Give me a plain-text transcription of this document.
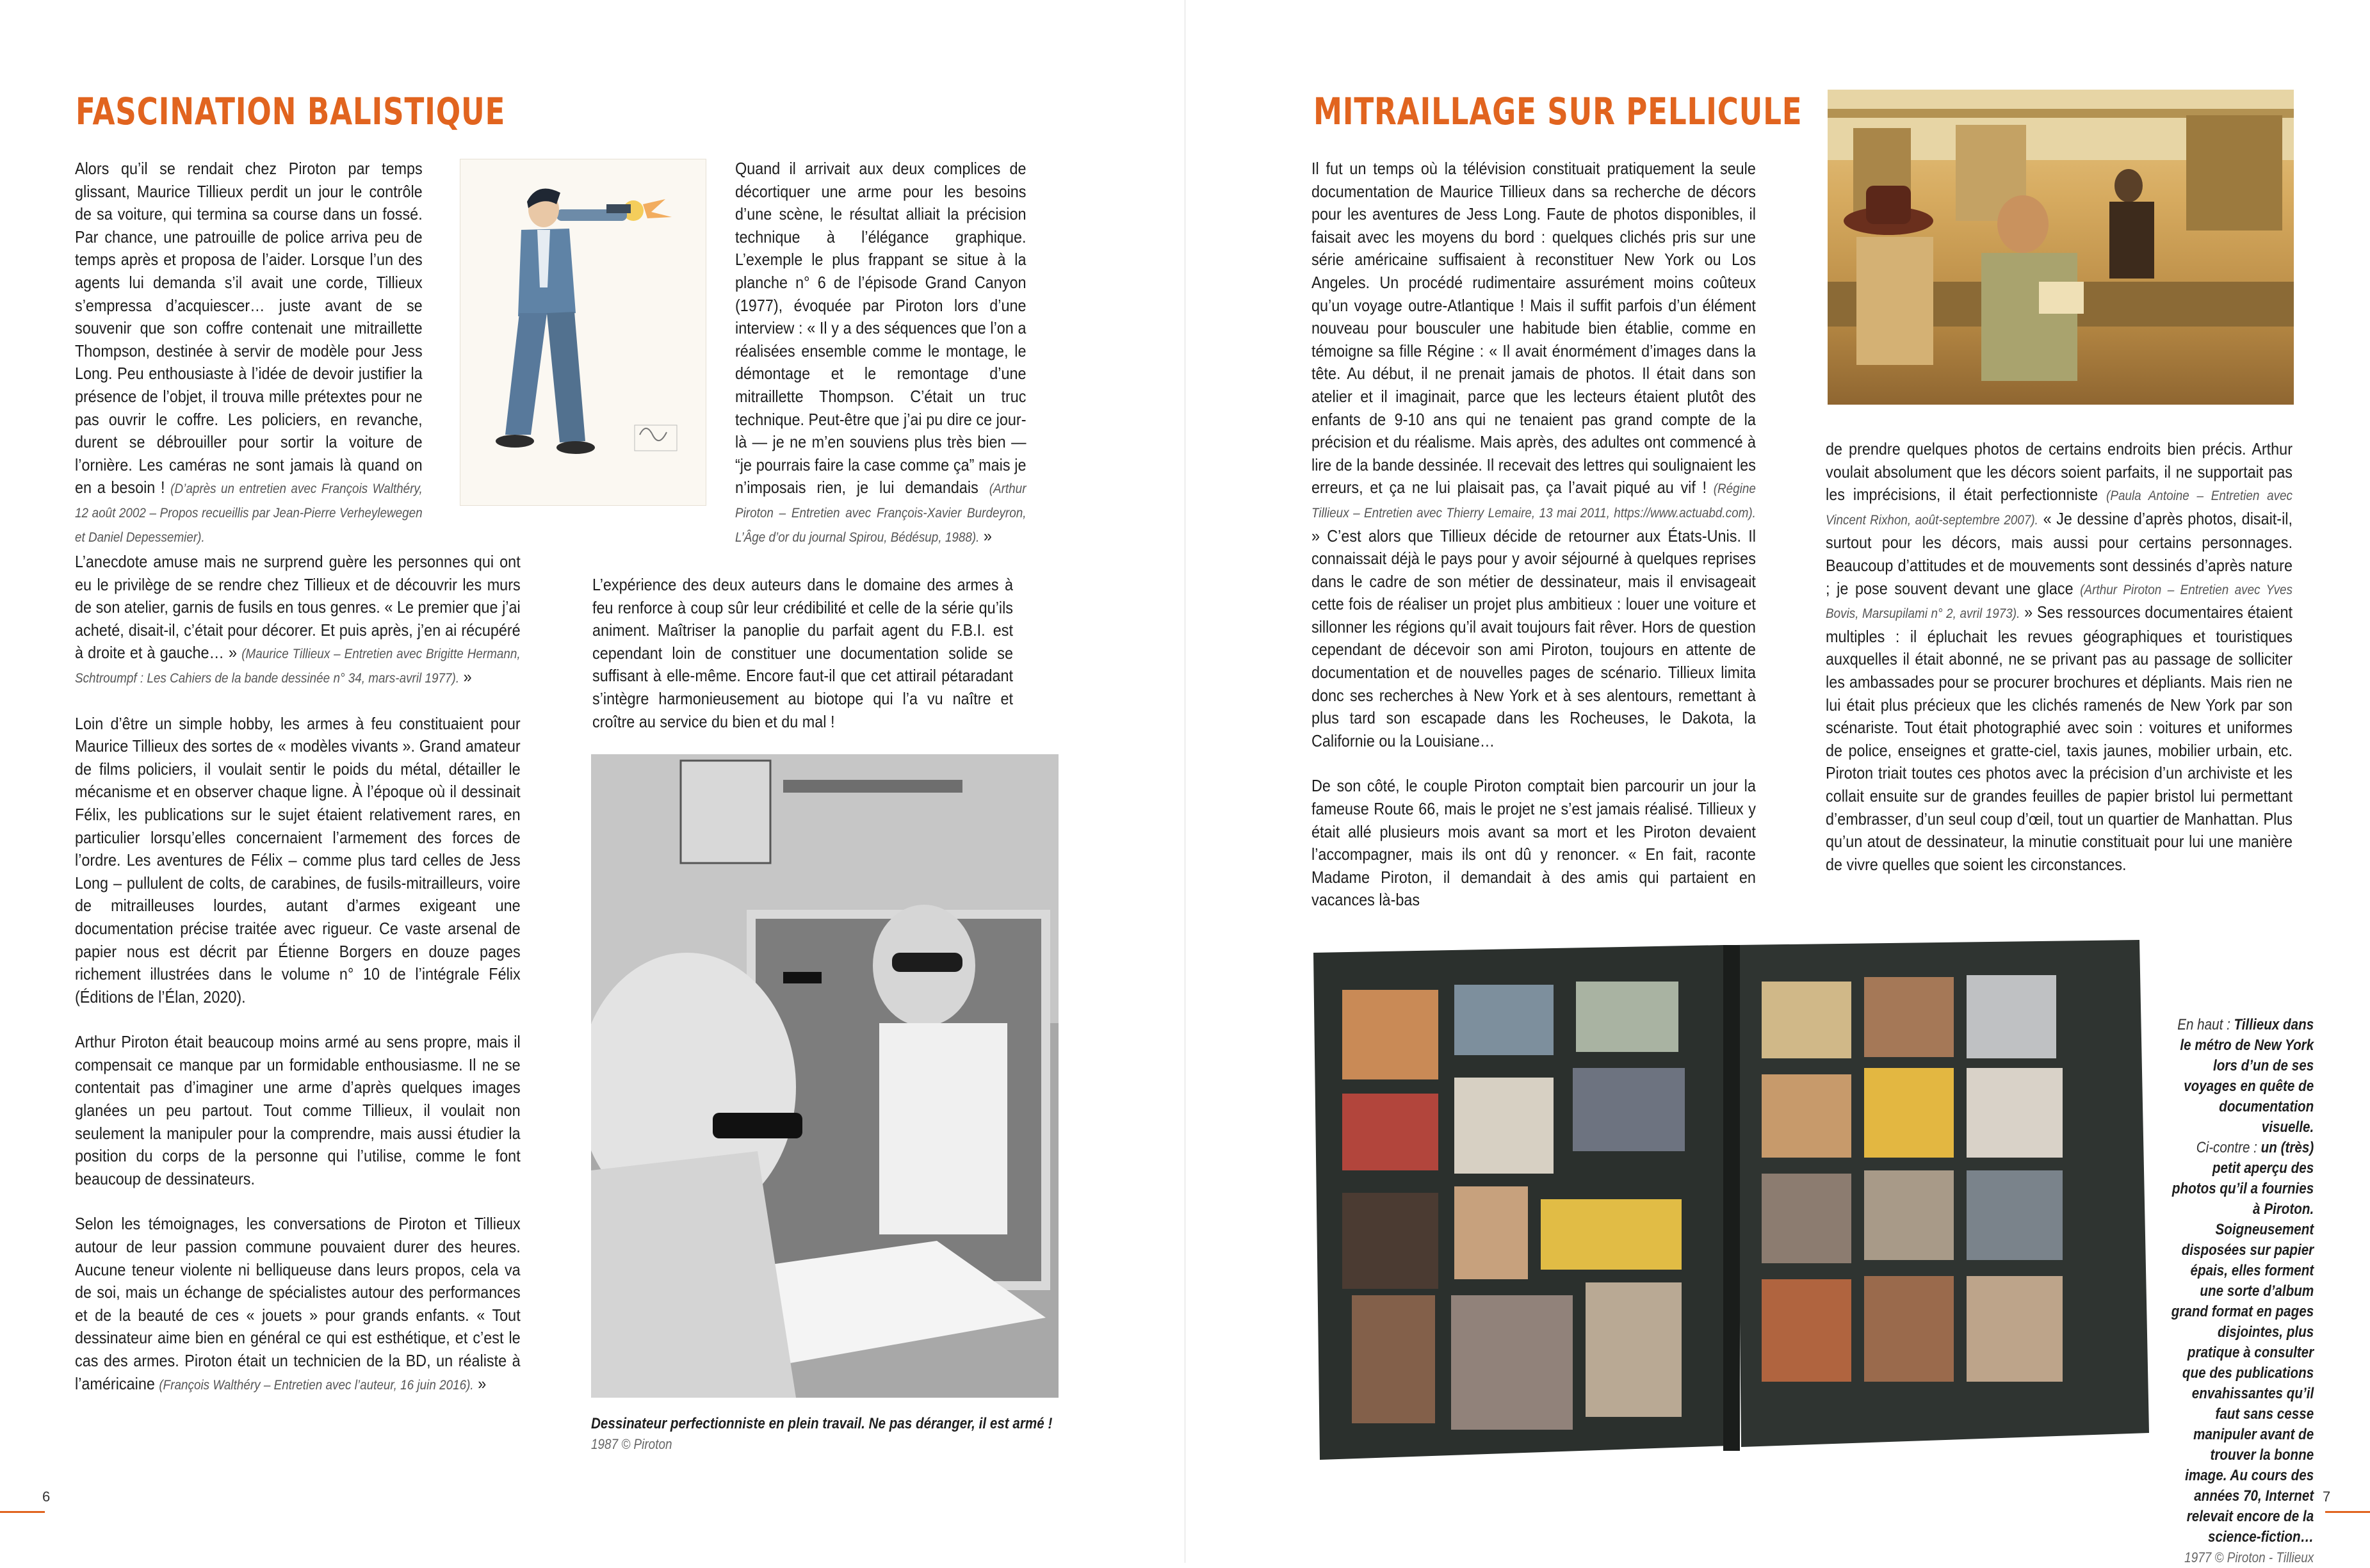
FASCINATION BALISTIQUE

Alors qu’il se rendait chez Piroton par temps glissant, Maurice Tillieux perdit un jour le contrôle de sa voiture, qui termina sa course dans un fossé. Par chance, une patrouille de police arriva peu de temps après et proposa de l’aider. Lorsque l’un des agents lui demanda s’il avait une corde, Tillieux s’empressa d’acquiescer… juste avant de se souvenir que son coffre contenait une mitraillette Thompson, destinée à servir de modèle pour Jess Long. Peu enthousiaste à l’idée de devoir justifier la présence de l’objet, il trouva mille prétextes pour ne pas ouvrir le coffre. Les policiers, en revanche, durent se débrouiller pour sortir la voiture de l’ornière. Les caméras ne sont jamais là quand on en a besoin ! (D’après un entretien avec François Walthéry, 12 août 2002 – Propos recueillis par Jean-Pierre Verheylewegen et Daniel Depessemier).

L’anecdote amuse mais ne surprend guère les personnes qui ont eu le privilège de se rendre chez Tillieux et de découvrir les murs de son atelier, garnis de fusils en tous genres. « Le premier que j’ai acheté, disait-il, c’était pour décorer. Et puis après, j’en ai récupéré à droite et à gauche… » (Maurice Tillieux – Entretien avec Brigitte Hermann, Schtroumpf : Les Cahiers de la bande dessinée n° 34, mars-avril 1977). »

Loin d’être un simple hobby, les armes à feu constituaient pour Maurice Tillieux des sortes de « modèles vivants ». Grand amateur de films policiers, il voulait sentir le poids du métal, détailler le mécanisme et en observer chaque ligne. À l’époque où il dessinait Félix, les publications sur le sujet étaient relativement rares, en particulier lorsqu’elles concernaient l’armement des forces de l’ordre. Les aventures de Félix – comme plus tard celles de Jess Long – pullulent de colts, de carabines, de fusils-mitrailleurs, voire de mitrailleuses lourdes, autant d’armes exigeant une documentation précise traitée avec rigueur. Ce vaste arsenal de papier nous est décrit par Étienne Borgers en douze pages richement illustrées dans le volume n° 10 de l’intégrale Félix (Éditions de l’Élan, 2020).

Arthur Piroton était beaucoup moins armé au sens propre, mais il compensait ce manque par un formidable enthousiasme. Il ne se contentait pas d’imaginer une arme d’après quelques images glanées un peu partout. Tout comme Tillieux, il voulait non seulement la manipuler pour la comprendre, mais aussi étudier la position du corps de la personne qui l’utilise, comme le font beaucoup de dessinateurs.

Selon les témoignages, les conversations de Piroton et Tillieux autour de leur passion commune pouvaient durer des heures. Aucune teneur violente ni belliqueuse dans leurs propos, cela va de soi, mais un échange de spécialistes autour des performances et de la beauté de ces « jouets » pour grands enfants. « Tout dessinateur aime bien en général ce qui est esthétique, et c’est le cas des armes. Piroton était un technicien de la BD, un réaliste à l’américaine (François Walthéry – Entretien avec l’auteur, 16 juin 2016). »

Quand il arrivait aux deux complices de décortiquer une arme pour les besoins d’une scène, le résultat alliait la précision technique à l’élégance graphique. L’exemple le plus frappant se situe à la planche n° 6 de l’épisode Grand Canyon (1977), évoquée par Piroton lors d’une interview : « Il y a des séquences que l’on a réalisées ensemble comme le montage, le démontage et le remontage d’une mitraillette Thompson. C’était un truc technique. Peut-être que j’ai pu dire ce jour-là — je ne m’en souviens plus très bien — “je pourrais faire la case comme ça” mais je n’imposais rien, je lui demandais (Arthur Piroton – Entretien avec François-Xavier Burdeyron, L’Âge d’or du journal Spirou, Bédésup, 1988). »

L’expérience des deux auteurs dans le domaine des armes à feu renforce à coup sûr leur crédibilité et celle de la série qu’ils animent. Maîtriser la panoplie du parfait agent du F.B.I. est cependant loin de constituer une documentation solide se suffisant à elle-même. Encore faut-il que cet attirail pétaradant s’intègre harmonieusement au biotope qui l’a vu naître et croître au service du bien et du mal !

Dessinateur perfectionniste en plein travail. Ne pas déranger, il est armé !
1987 © Piroton
6
MITRAILLAGE SUR PELLICULE

Il fut un temps où la télévision constituait pratiquement la seule documentation de Maurice Tillieux dans sa recherche de décors pour les aventures de Jess Long. Faute de photos disponibles, il faisait avec les moyens du bord : quelques clichés pris sur une série américaine suffisaient à reconstituer New York ou Los Angeles. Un procédé rudimentaire assurément moins coûteux qu’un voyage outre-Atlantique ! Mais il suffit parfois d’un élément nouveau pour bousculer une habitude bien établie, comme en témoigne sa fille Régine : « Il avait énormément d’images dans la tête. Au début, il ne prenait jamais de photos. Il était dans son atelier et il imaginait, parce que les lecteurs étaient plutôt des enfants de 9-10 ans qui ne tenaient pas grand compte de la précision et du réalisme. Mais après, des adultes ont commencé à lire de la bande dessinée. Il recevait des lettres qui soulignaient les erreurs, et ça ne lui plaisait pas, ça l’avait piqué au vif ! (Régine Tillieux – Entretien avec Thierry Lemaire, 13 mai 2011, https://www.actuabd.com). » C’est alors que Tillieux décide de retourner aux États-Unis. Il connaissait déjà le pays pour y avoir séjourné à quelques reprises dans le cadre de son métier de dessinateur, mais il envisageait cette fois de réaliser un projet plus ambitieux : louer une voiture et sillonner les régions qu’il avait toujours fait rêver. Hors de question cependant de décevoir son ami Piroton, toujours en attente de documentation et de nouvelles pages de scénario. Tillieux limita donc ses recherches à New York et à ses alentours, remettant à plus tard son escapade dans les Rocheuses, le Dakota, la Californie ou la Louisiane…

De son côté, le couple Piroton comptait bien parcourir un jour la fameuse Route 66, mais le projet ne s’est jamais réalisé. Tillieux y était allé plusieurs mois avant sa mort et les Piroton devaient l’accompagner, mais ils ont dû y renoncer. « En fait, raconte Madame Piroton, il demandait à des amis qui partaient en vacances là-bas

de prendre quelques photos de certains endroits bien précis. Arthur voulait absolument que les décors soient parfaits, il ne supportait pas les imprécisions, il était perfectionniste (Paula Antoine – Entretien avec Vincent Rixhon, août-septembre 2007). « Je dessine d’après photos, disait-il, surtout pour les décors, mais aussi pour certains personnages. Beaucoup d’attitudes et de mouvements sont dessinés d’après nature ; je pose souvent devant une glace (Arthur Piroton – Entretien avec Yves Bovis, Marsupilami n° 2, avril 1973). » Ses ressources documentaires étaient multiples : il épluchait les revues géographiques et touristiques auxquelles il était abonné, ne se privant pas au passage de solliciter les ambassades pour se procurer brochures et dépliants. Mais rien ne lui était plus précieux que les clichés ramenés de New York par son scénariste. Tout était photographié avec soin : voitures et uniformes de police, enseignes et gratte-ciel, taxis jaunes, mobilier urbain, etc. Piroton triait toutes ces photos avec la précision d’un archiviste et les collait ensuite sur de grandes feuilles de papier bristol lui permettant d’embrasser, d’un seul coup d’œil, tout un quartier de Manhattan. Plus qu’un atout de dessinateur, la minutie constituait pour lui une manière de vivre quelles que soient les circonstances.

En haut : Tillieux dans le métro de New York lors d’un de ses voyages en quête de documentation visuelle.
Ci-contre : un (très) petit aperçu des photos qu’il a fournies à Piroton. Soigneusement disposées sur papier épais, elles forment une sorte d’album grand format en pages disjointes, plus pratique à consulter que des publications envahissantes qu’il faut sans cesse manipuler avant de trouver la bonne image. Au cours des années 70, Internet relevait encore de la science-fiction…
1977 © Piroton - Tillieux
7
